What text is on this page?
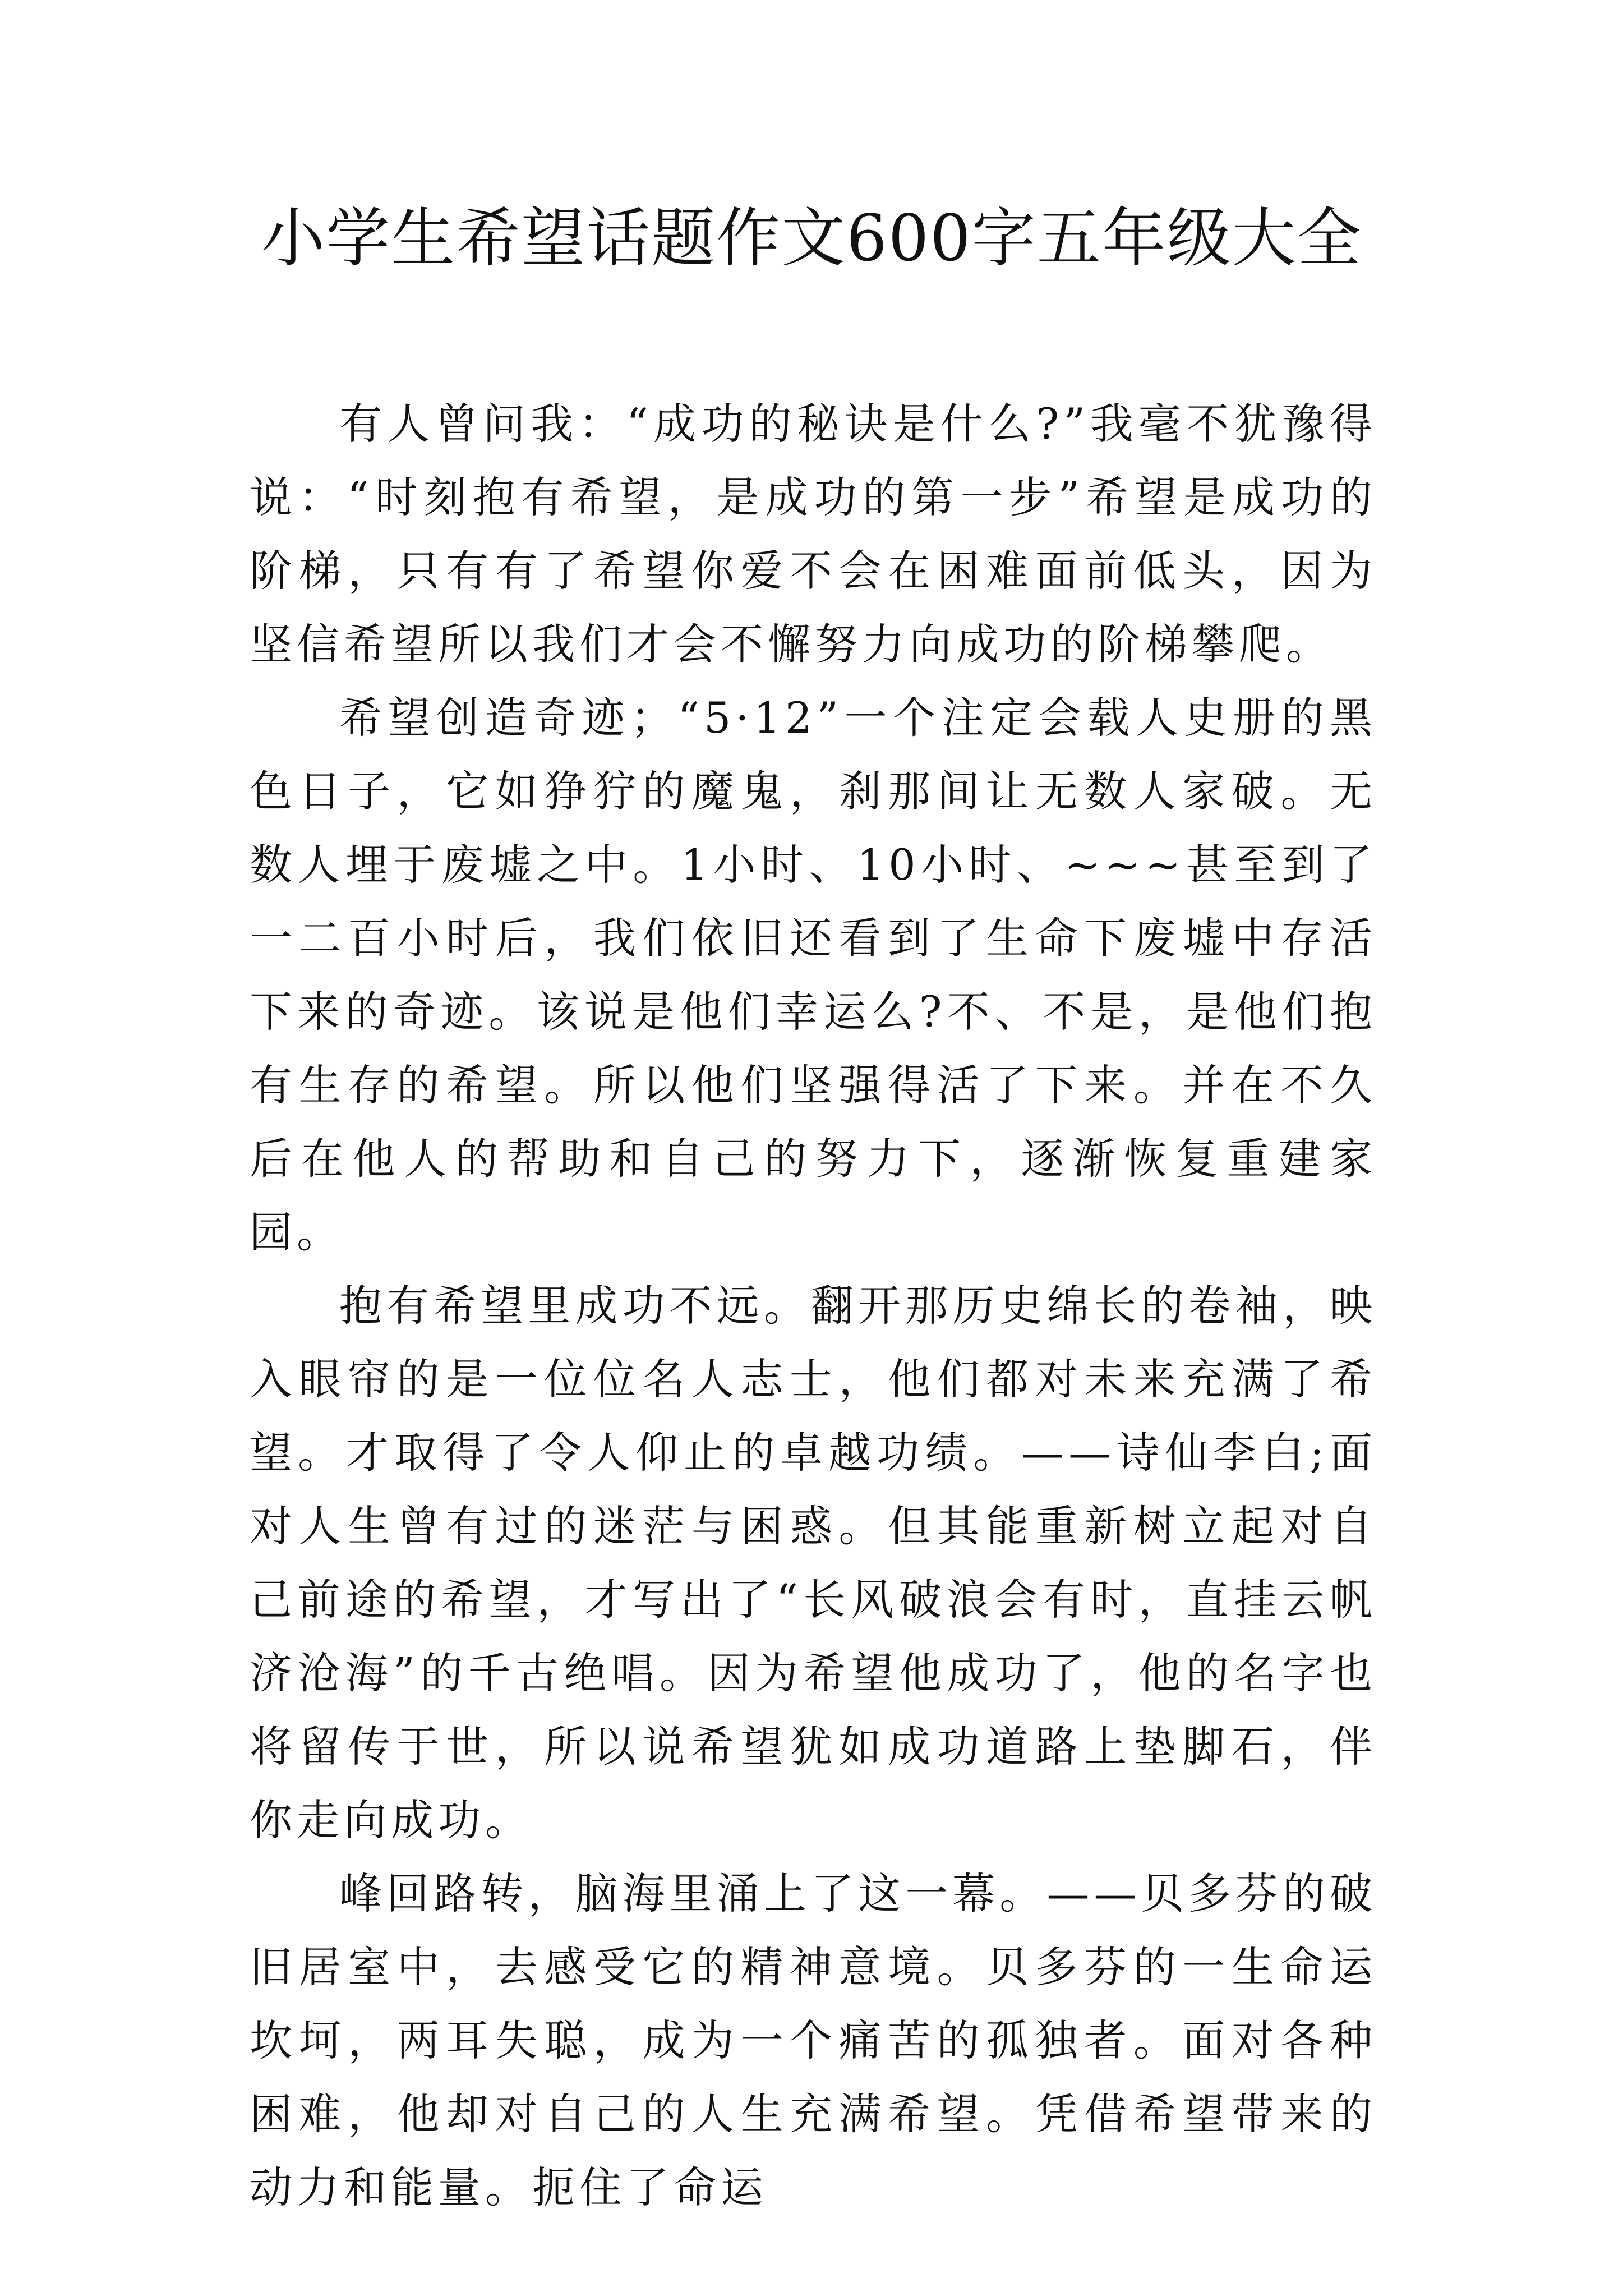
小学生希望话题作文600字五年级大全

有人曾问我：“成功的秘诀是什么?”我毫不犹豫得说：“时刻抱有希望，是成功的第一步”希望是成功的阶梯，只有有了希望你爱不会在困难面前低头，因为坚信希望所以我们才会不懈努力向成功的阶梯攀爬。

希望创造奇迹；“5·12”一个注定会载人史册的黑色日子，它如狰狞的魔鬼，刹那间让无数人家破。无数人埋于废墟之中。1小时、10小时、~~~甚至到了一二百小时后，我们依旧还看到了生命下废墟中存活下来的奇迹。该说是他们幸运么?不、不是，是他们抱有生存的希望。所以他们坚强得活了下来。并在不久后在他人的帮助和自己的努力下，逐渐恢复重建家园。

抱有希望里成功不远。翻开那历史绵长的卷袖，映入眼帘的是一位位名人志士，他们都对未来充满了希望。才取得了令人仰止的卓越功绩。——诗仙李白;面对人生曾有过的迷茫与困惑。但其能重新树立起对自己前途的希望，才写出了“长风破浪会有时，直挂云帆济沧海”的千古绝唱。因为希望他成功了，他的名字也将留传于世，所以说希望犹如成功道路上垫脚石，伴你走向成功。

峰回路转，脑海里涌上了这一幕。——贝多芬的破旧居室中，去感受它的精神意境。贝多芬的一生命运坎坷，两耳失聪，成为一个痛苦的孤独者。面对各种困难，他却对自己的人生充满希望。凭借希望带来的动力和能量。扼住了命运
